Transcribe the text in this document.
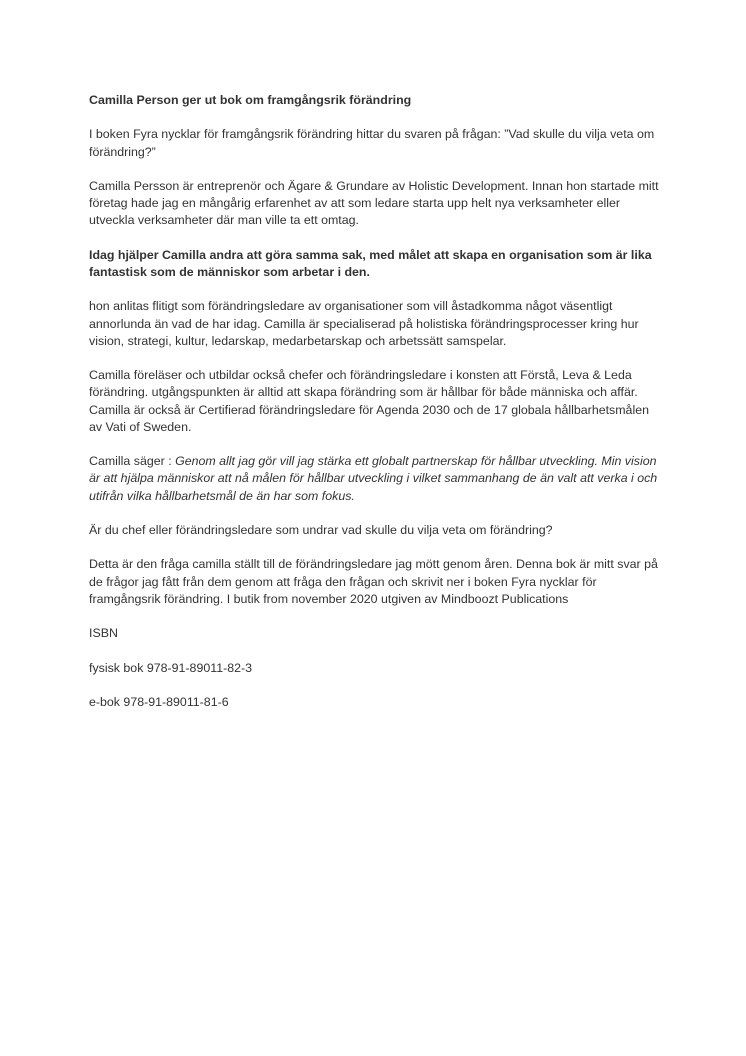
Camilla Person ger ut bok om framgångsrik förändring

I boken Fyra nycklar för framgångsrik förändring hittar du svaren på frågan: ”Vad skulle du vilja veta om förändring?”

Camilla Persson är entreprenör och Ägare & Grundare av Holistic Development. Innan hon startade mitt företag hade jag en mångårig erfarenhet av att som ledare starta upp helt nya verksamheter eller utveckla verksamheter där man ville ta ett omtag.

Idag hjälper Camilla andra att göra samma sak, med målet att skapa en organisation som är lika fantastisk som de människor som arbetar i den.

hon anlitas flitigt som förändringsledare av organisationer som vill åstadkomma något väsentligt annorlunda än vad de har idag. Camilla är specialiserad på holistiska förändringsprocesser kring hur vision, strategi, kultur, ledarskap, medarbetarskap och arbetssätt samspelar.

Camilla föreläser och utbildar också chefer och förändringsledare i konsten att Förstå, Leva & Leda förändring. utgångspunkten är alltid att skapa förändring som är hållbar för både människa och affär. Camilla är också är Certifierad förändringsledare för Agenda 2030 och de 17 globala hållbarhetsmålen av Vati of Sweden.

Camilla säger : Genom allt jag gör vill jag stärka ett globalt partnerskap för hållbar utveckling. Min vision är att hjälpa människor att nå målen för hållbar utveckling i vilket sammanhang de än valt att verka i och utifrån vilka hållbarhetsmål de än har som fokus.

Är du chef eller förändringsledare som undrar vad skulle du vilja veta om förändring?

Detta är den fråga camilla ställt till de förändringsledare jag mött genom åren. Denna bok är mitt svar på de frågor jag fått från dem genom att fråga den frågan och skrivit ner i boken Fyra nycklar för framgångsrik förändring. I butik from november 2020 utgiven av Mindboozt Publications

ISBN

fysisk bok 978-91-89011-82-3

e-bok 978-91-89011-81-6
